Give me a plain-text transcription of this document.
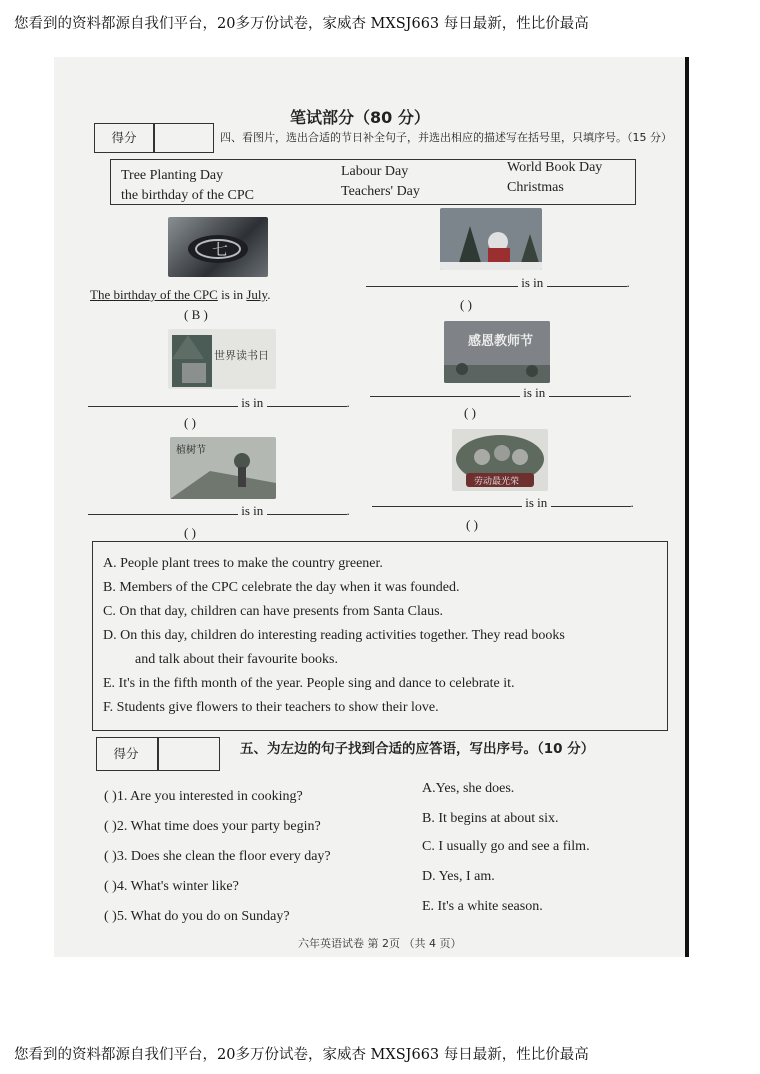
您看到的资料都源自我们平台，20多万份试卷，家威杏 MXSJ663 每日最新，性比价最高
笔试部分（80 分）
得分	四、看图片，选出合适的节日补全句子，并选出相应的描述写在括号里，只填序号。（15 分）
Tree Planting Day
the birthday of the CPC
Labour Day
Teachers' Day
World Book Day
Christmas
七
The birthday of the CPC is in July.
( B )
is in	.
( )
世界读书日
感恩教师节
is in	.
( )
is in	.
( )
植树节
劳动最光荣
is in	.
( )
is in	.
( )
A. People plant trees to make the country greener.
B. Members of the CPC celebrate the day when it was founded.
C. On that day, children can have presents from Santa Claus.
D. On this day, children do interesting reading activities together. They read books
and talk about their favourite books.
E. It's in the fifth month of the year. People sing and dance to celebrate it.
F. Students give flowers to their teachers to show their love.
得分	五、为左边的句子找到合适的应答语，写出序号。（10 分）
( )1. Are you interested in cooking?
( )2. What time does your party begin?
( )3. Does she clean the floor every day?
( )4. What's winter like?
( )5. What do you do on Sunday?
A.Yes, she does.
B. It begins at about six.
C. I usually go and see a film.
D. Yes, I am.
E. It's a white season.
六年英语试卷 第 2页 （共 4 页）
您看到的资料都源自我们平台，20多万份试卷，家威杏 MXSJ663 每日最新，性比价最高
